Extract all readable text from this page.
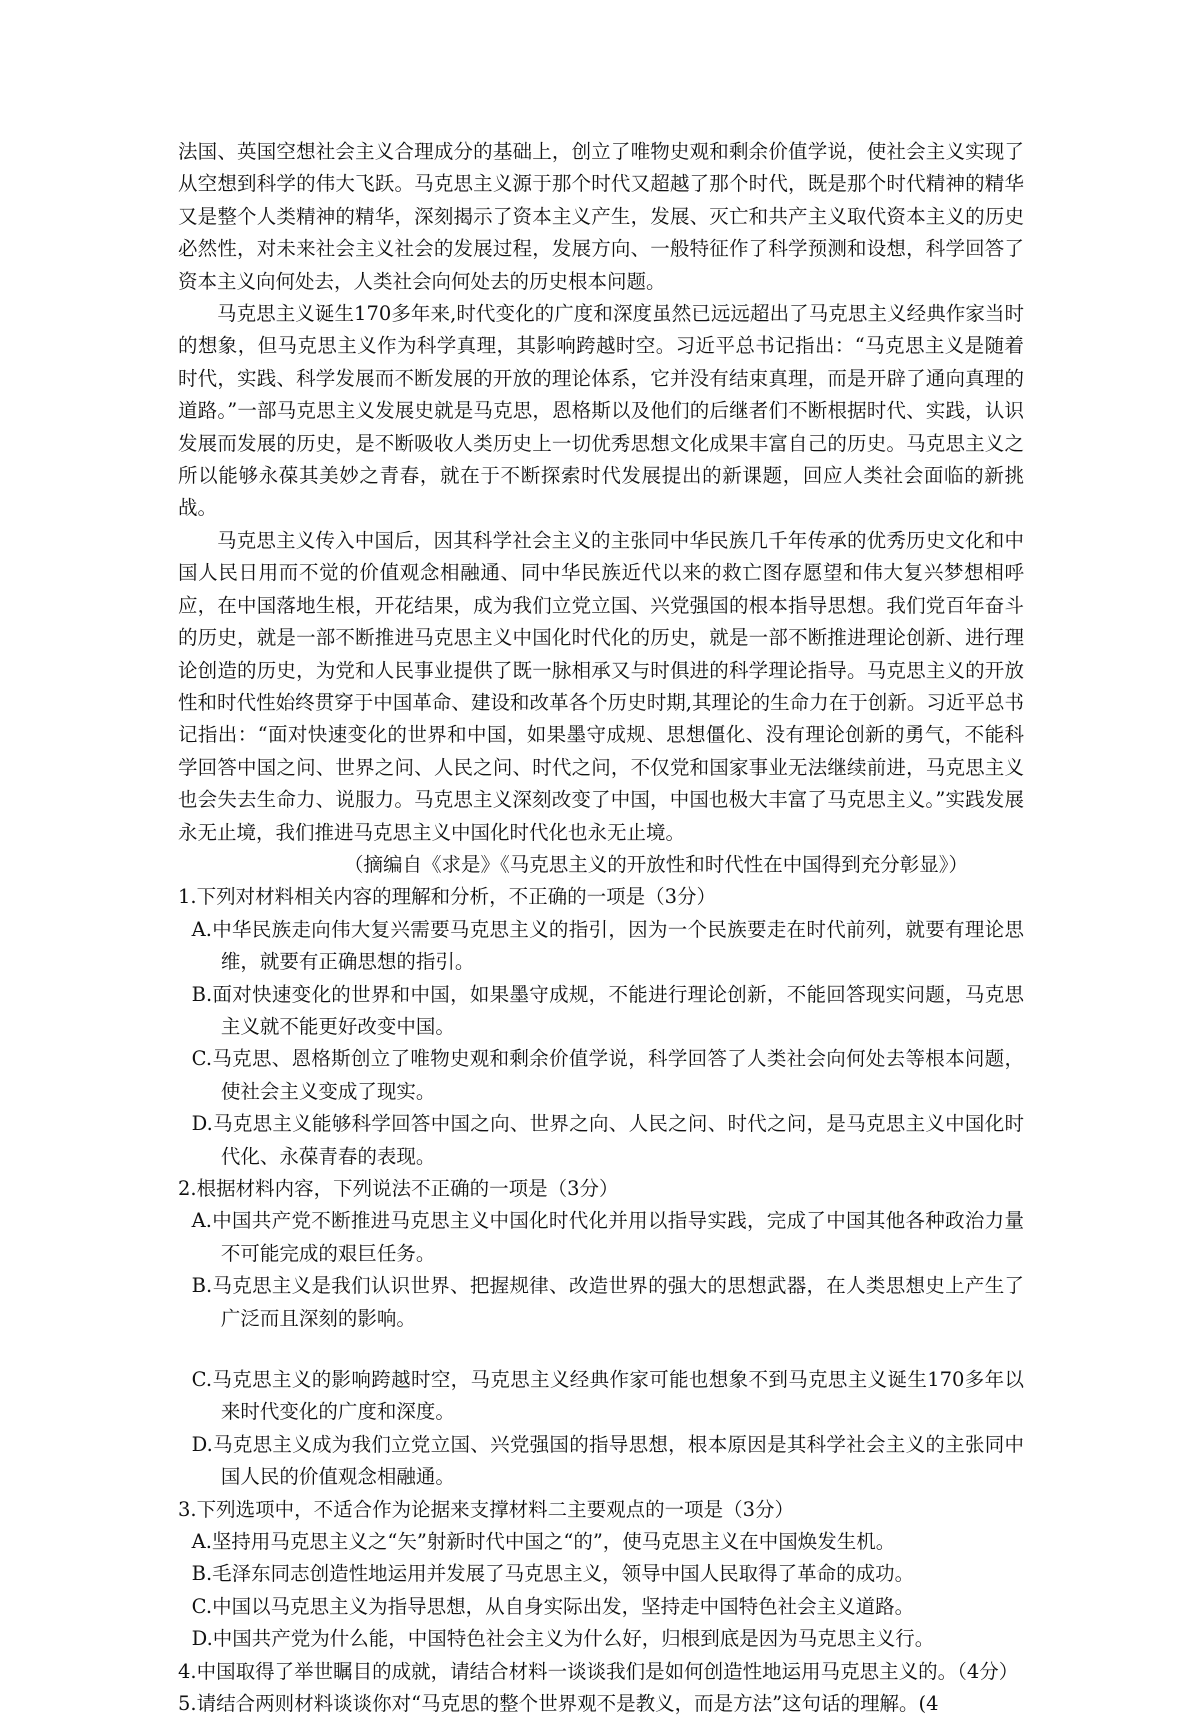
法国、英国空想社会主义合理成分的基础上，创立了唯物史观和剩余价值学说，使社会主义实现了从空想到科学的伟大飞跃。马克思主义源于那个时代又超越了那个时代，既是那个时代精神的精华又是整个人类精神的精华，深刻揭示了资本主义产生，发展、灭亡和共产主义取代资本主义的历史必然性，对未来社会主义社会的发展过程，发展方向、一般特征作了科学预测和设想，科学回答了资本主义向何处去，人类社会向何处去的历史根本问题。

马克思主义诞生170多年来,时代变化的广度和深度虽然已远远超出了马克思主义经典作家当时的想象，但马克思主义作为科学真理，其影响跨越时空。习近平总书记指出：“马克思主义是随着时代，实践、科学发展而不断发展的开放的理论体系，它并没有结束真理，而是开辟了通向真理的道路。”一部马克思主义发展史就是马克思，恩格斯以及他们的后继者们不断根据时代、实践，认识发展而发展的历史，是不断吸收人类历史上一切优秀思想文化成果丰富自己的历史。马克思主义之所以能够永葆其美妙之青春，就在于不断探索时代发展提出的新课题，回应人类社会面临的新挑战。

马克思主义传入中国后，因其科学社会主义的主张同中华民族几千年传承的优秀历史文化和中国人民日用而不觉的价值观念相融通、同中华民族近代以来的救亡图存愿望和伟大复兴梦想相呼应，在中国落地生根，开花结果，成为我们立党立国、兴党强国的根本指导思想。我们党百年奋斗的历史，就是一部不断推进马克思主义中国化时代化的历史，就是一部不断推进理论创新、进行理论创造的历史，为党和人民事业提供了既一脉相承又与时俱进的科学理论指导。马克思主义的开放性和时代性始终贯穿于中国革命、建设和改革各个历史时期,其理论的生命力在于创新。习近平总书记指出：“面对快速变化的世界和中国，如果墨守成规、思想僵化、没有理论创新的勇气，不能科学回答中国之问、世界之问、人民之问、时代之问，不仅党和国家事业无法继续前进，马克思主义也会失去生命力、说服力。马克思主义深刻改变了中国，中国也极大丰富了马克思主义。”实践发展永无止境，我们推进马克思主义中国化时代化也永无止境。

（摘编自《求是》《马克思主义的开放性和时代性在中国得到充分彰显》）

1.下列对材料相关内容的理解和分析，不正确的一项是（3分）

A.中华民族走向伟大复兴需要马克思主义的指引，因为一个民族要走在时代前列，就要有理论思维，就要有正确思想的指引。

B.面对快速变化的世界和中国，如果墨守成规，不能进行理论创新，不能回答现实问题，马克思主义就不能更好改变中国。

C.马克思、恩格斯创立了唯物史观和剩余价值学说，科学回答了人类社会向何处去等根本问题，使社会主义变成了现实。

D.马克思主义能够科学回答中国之向、世界之向、人民之问、时代之问，是马克思主义中国化时代化、永葆青春的表现。

2.根据材料内容，下列说法不正确的一项是（3分）

A.中国共产党不断推进马克思主义中国化时代化并用以指导实践，完成了中国其他各种政治力量不可能完成的艰巨任务。

B.马克思主义是我们认识世界、把握规律、改造世界的强大的思想武器，在人类思想史上产生了广泛而且深刻的影响。

C.马克思主义的影响跨越时空，马克思主义经典作家可能也想象不到马克思主义诞生170多年以来时代变化的广度和深度。

D.马克思主义成为我们立党立国、兴党强国的指导思想，根本原因是其科学社会主义的主张同中国人民的价值观念相融通。

3.下列选项中，不适合作为论据来支撑材料二主要观点的一项是（3分）

A.坚持用马克思主义之“矢”射新时代中国之“的”，使马克思主义在中国焕发生机。

B.毛泽东同志创造性地运用并发展了马克思主义，领导中国人民取得了革命的成功。

C.中国以马克思主义为指导思想，从自身实际出发，坚持走中国特色社会主义道路。

D.中国共产党为什么能，中国特色社会主义为什么好，归根到底是因为马克思主义行。

4.中国取得了举世瞩目的成就，请结合材料一谈谈我们是如何创造性地运用马克思主义的。（4分）

5.请结合两则材料谈谈你对“马克思的整个世界观不是教义，而是方法”这句话的理解。(4
